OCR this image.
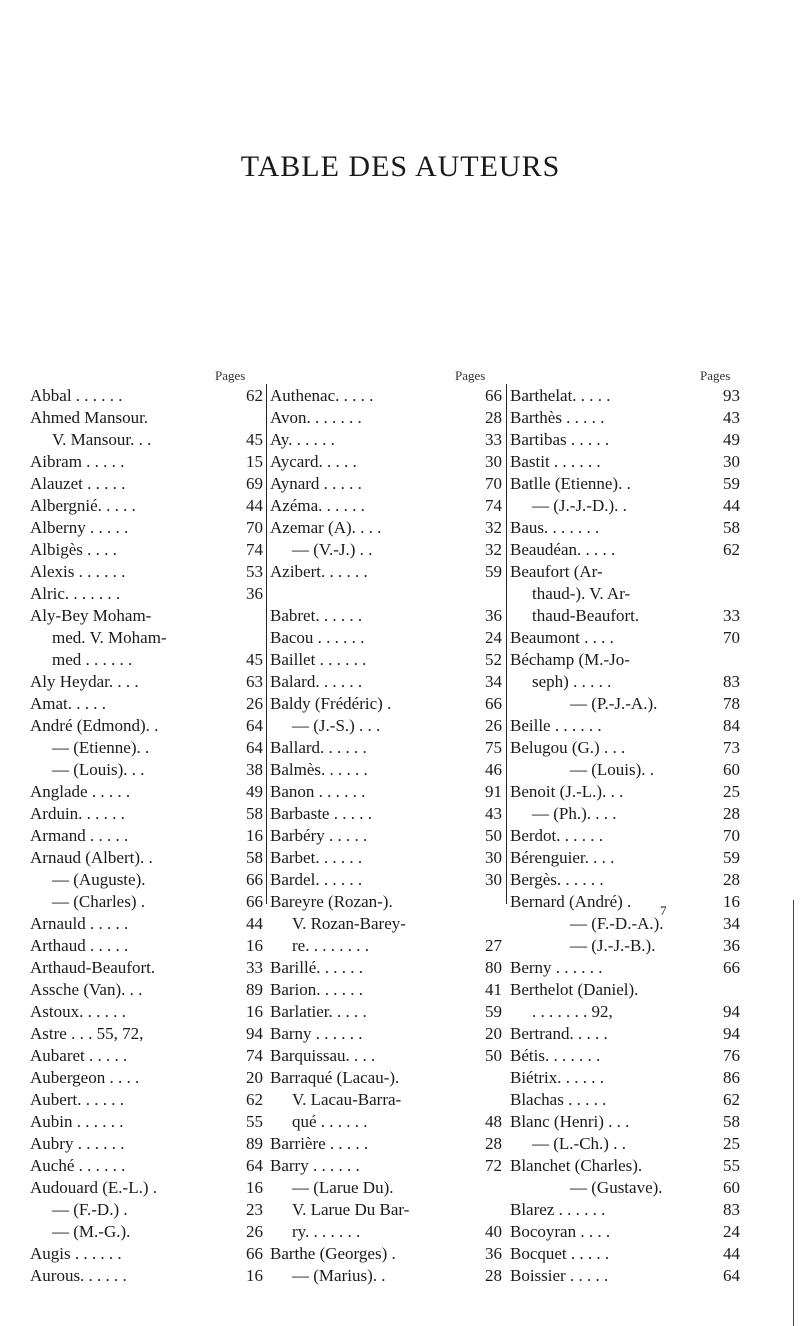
TABLE DES AUTEURS
Pages	Pages	Pages
Abbal . . . . . .	62
Ahmed Mansour.
V. Mansour. . .	45
Aibram . . . . .	15
Alauzet . . . . .	69
Albergnié. . . . .	44
Alberny . . . . .	70
Albigès . . . .	74
Alexis . . . . . .	53
Alric. . . . . . .	36
Aly-Bey Moham-
med. V. Moham-
med . . . . . .	45
Aly Heydar. . . .	63
Amat. . . . .	26
André (Edmond). .	64
— (Etienne). .	64
— (Louis). . .	38
Anglade . . . . .	49
Arduin. . . . . .	58
Armand . . . . .	16
Arnaud (Albert). .	58
— (Auguste).	66
— (Charles) .	66
Arnauld . . . . .	44
Arthaud . . . . .	16
Arthaud-Beaufort.	33
Assche (Van). . .	89
Astoux. . . . . .	16
Astre . . . 55, 72,	94
Aubaret . . . . .	74
Aubergeon . . . .	20
Aubert. . . . . .	62
Aubin . . . . . .	55
Aubry . . . . . .	89
Auché . . . . . .	64
Audouard (E.-L.) .	16
— (F.-D.) .	23
— (M.-G.).	26
Augis . . . . . .	66
Aurous. . . . . .	16
Authenac. . . . .	66
Avon. . . . . . .	28
Ay. . . . . .	33
Aycard. . . . .	30
Aynard . . . . .	70
Azéma. . . . . .	74
Azemar (A). . . .	32
— (V.-J.) . .	32
Azibert. . . . . .	59
Babret. . . . . .	36
Bacou . . . . . .	24
Baillet . . . . . .	52
Balard. . . . . .	34
Baldy (Frédéric) .	66
— (J.-S.) . . .	26
Ballard. . . . . .	75
Balmès. . . . . .	46
Banon . . . . . .	91
Barbaste . . . . .	43
Barbéry . . . . .	50
Barbet. . . . . .	30
Bardel. . . . . .	30
Bareyre (Rozan-).
V. Rozan-Barey-
re. . . . . . . .	27
Barillé. . . . . .	80
Barion. . . . . .	41
Barlatier. . . . .	59
Barny . . . . . .	20
Barquissau. . . .	50
Barraqué (Lacau-).
V. Lacau-Barra-
qué . . . . . .	48
Barrière . . . . .	28
Barry . . . . . .	72
— (Larue Du).
V. Larue Du Bar-
ry. . . . . . .	40
Barthe (Georges) .	36
— (Marius). .	28
Barthelat. . . . .	93
Barthès . . . . .	43
Bartibas . . . . .	49
Bastit . . . . . .	30
Batlle (Etienne). .	59
— (J.-J.-D.). .	44
Baus. . . . . . .	58
Beaudéan. . . . .	62
Beaufort (Ar-
thaud-). V. Ar-
thaud-Beaufort.	33
Beaumont . . . .	70
Béchamp (M.-Jo-
seph) . . . . .	83
— (P.-J.-A.).	78
Beille . . . . . .	84
Belugou (G.) . . .	73
— (Louis). .	60
Benoit (J.-L.). . .	25
— (Ph.). . . .	28
Berdot. . . . . .	70
Bérenguier. . . .	59
Bergès. . . . . .	28
Bernard (André) .	16
— (F.-D.-A.).	34
— (J.-J.-B.).	36
Berny . . . . . .	66
Berthelot (Daniel).
. . . . . . . 92,	94
Bertrand. . . . .	94
Bétis. . . . . . .	76
Biétrix. . . . . .	86
Blachas . . . . .	62
Blanc (Henri) . . .	58
— (L.-Ch.) . .	25
Blanchet (Charles).	55
— (Gustave).	60
Blarez . . . . . .	83
Bocoyran . . . .	24
Bocquet . . . . .	44
Boissier . . . . .	64
7
